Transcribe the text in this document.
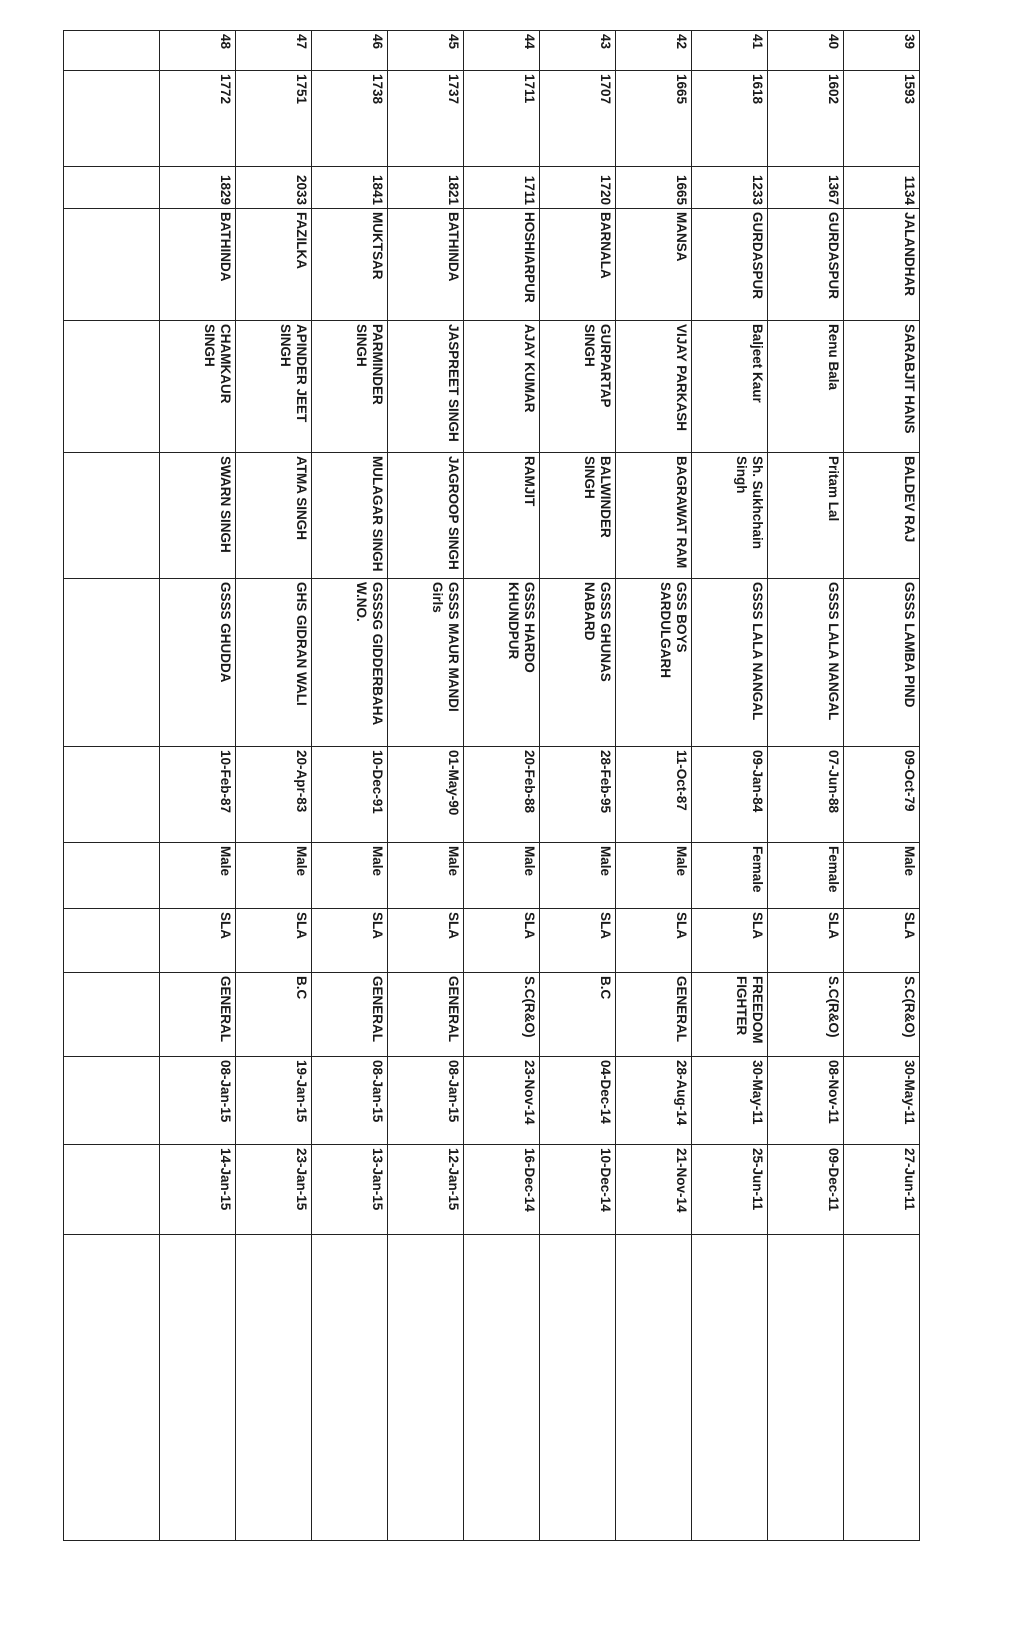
39	1593	1134	JALANDHAR	SARABJIT HANS	BALDEV RAJ	GSSS LAMBA PIND	09-Oct-79	Male	SLA	S.C(R&O)	30-May-11	27-Jun-11	
40	1602	1367	GURDASPUR	Renu Bala	Pritam Lal	GSSS LALA NANGAL	07-Jun-88	Female	SLA	S.C(R&O)	08-Nov-11	09-Dec-11	
41	1618	1233	GURDASPUR	Baljeet Kaur	Sh. Sukhchain Singh	GSSS LALA NANGAL	09-Jan-84	Female	SLA	FREEDOM FIGHTER	30-May-11	25-Jun-11	
42	1665	1665	MANSA	VIJAY PARKASH	BAGRAWAT RAM	GSS BOYS SARDULGARH	11-Oct-87	Male	SLA	GENERAL	28-Aug-14	21-Nov-14	
43	1707	1720	BARNALA	GURPARTAP SINGH	BALWINDER SINGH	GSSS GHUNAS NABARD	28-Feb-95	Male	SLA	B.C	04-Dec-14	10-Dec-14	
44	1711	1711	HOSHIARPUR	AJAY KUMAR	RAMJIT	GSSS HARDO KHUNDPUR	20-Feb-88	Male	SLA	S.C(R&O)	23-Nov-14	16-Dec-14	
45	1737	1821	BATHINDA	JASPREET SINGH	JAGROOP SINGH	GSSS MAUR MANDI Girls	01-May-90	Male	SLA	GENERAL	08-Jan-15	12-Jan-15	
46	1738	1841	MUKTSAR	PARMINDER SINGH	MULAGAR SINGH	GSSSG GIDDERBAHA W.NO.	10-Dec-91	Male	SLA	GENERAL	08-Jan-15	13-Jan-15	
47	1751	2033	FAZILKA	APINDER JEET SINGH	ATMA SINGH	GHS GIDRAN WALI	20-Apr-83	Male	SLA	B.C	19-Jan-15	23-Jan-15	
48	1772	1829	BATHINDA	CHAMKAUR SINGH	SWARN SINGH	GSSS GHUDDA	10-Feb-87	Male	SLA	GENERAL	08-Jan-15	14-Jan-15	
